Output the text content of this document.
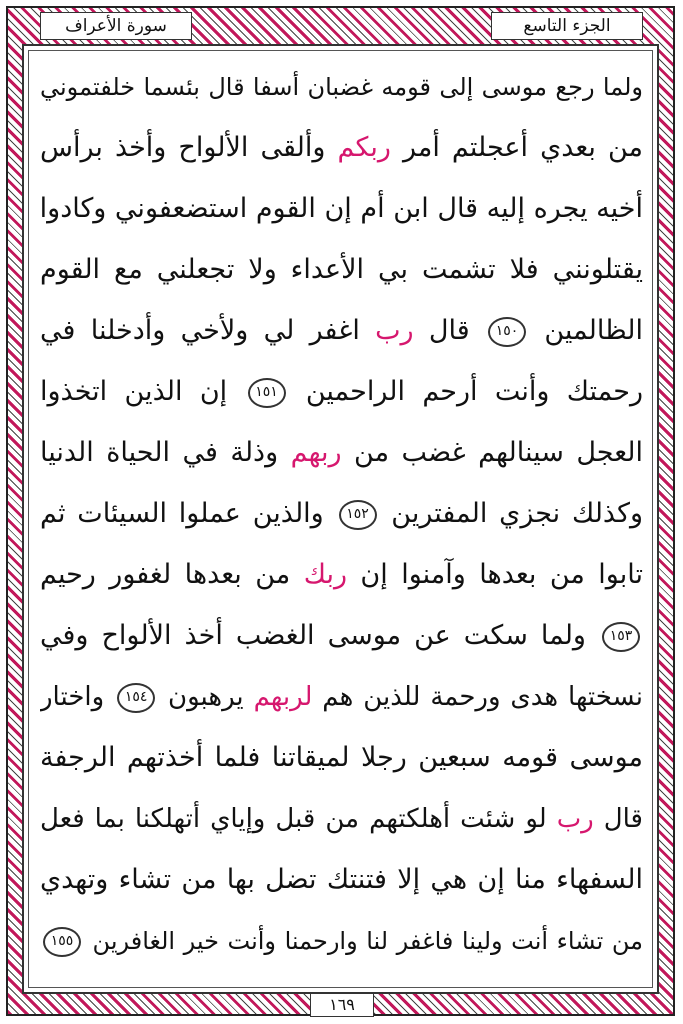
الجزء التاسع
سورة الأعراف
ولما رجع موسى إلى قومه غضبان أسفا قال بئسما خلفتموني
من بعدي أعجلتم أمر ربكم وألقى الألواح وأخذ برأس
أخيه يجره إليه قال ابن أم إن القوم استضعفوني وكادوا
يقتلونني فلا تشمت بي الأعداء ولا تجعلني مع القوم
الظالمين ١٥٠ قال رب اغفر لي ولأخي وأدخلنا في
رحمتك وأنت أرحم الراحمين ١٥١ إن الذين اتخذوا
العجل سينالهم غضب من ربهم وذلة في الحياة الدنيا
وكذلك نجزي المفترين ١٥٢ والذين عملوا السيئات ثم
تابوا من بعدها وآمنوا إن ربك من بعدها لغفور رحيم
١٥٣ ولما سكت عن موسى الغضب أخذ الألواح وفي
نسختها هدى ورحمة للذين هم لربهم يرهبون ١٥٤ واختار
موسى قومه سبعين رجلا لميقاتنا فلما أخذتهم الرجفة
قال رب لو شئت أهلكتهم من قبل وإياي أتهلكنا بما فعل
السفهاء منا إن هي إلا فتنتك تضل بها من تشاء وتهدي
من تشاء أنت ولينا فاغفر لنا وارحمنا وأنت خير الغافرين ١٥٥
١٦٩
